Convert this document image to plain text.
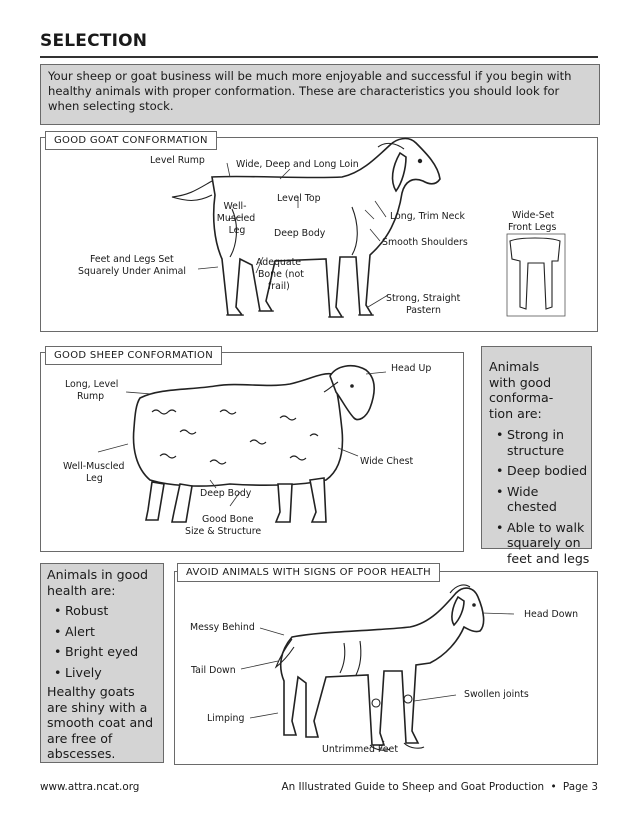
SELECTION
Your sheep or goat business will be much more enjoyable and successful if you begin with healthy animals with proper conformation. These are characteristics you should look for when selecting stock.
GOOD GOAT CONFORMATION
Level Rump	Wide, Deep and Long Loin
Level Top
Well-
Muscled
Leg
Long, Trim Neck
Deep Body
Smooth Shoulders
Feet and Legs Set
Squarely Under Animal
Adequate
Bone (not
frail)
Strong, Straight
Pastern
Wide-Set
Front Legs
GOOD SHEEP CONFORMATION
Head Up
Long, Level
Rump
Well-Muscled
Leg
Wide Chest
Deep Body
Good Bone
Size & Structure
Animals with good conforma-tion are:
• Strong in structure
• Deep bodied
• Wide chested
• Able to walk squarely on feet and legs
Animals in good health are:
• Robust
• Alert
• Bright eyed
• Lively
Healthy goats are shiny with a smooth coat and are free of abscesses.
AVOID ANIMALS WITH SIGNS OF POOR HEALTH
Head Down
Messy Behind
Tail Down
Swollen joints
Limping
Untrimmed Feet
www.attra.ncat.org	An Illustrated Guide to Sheep and Goat Production • Page 3
